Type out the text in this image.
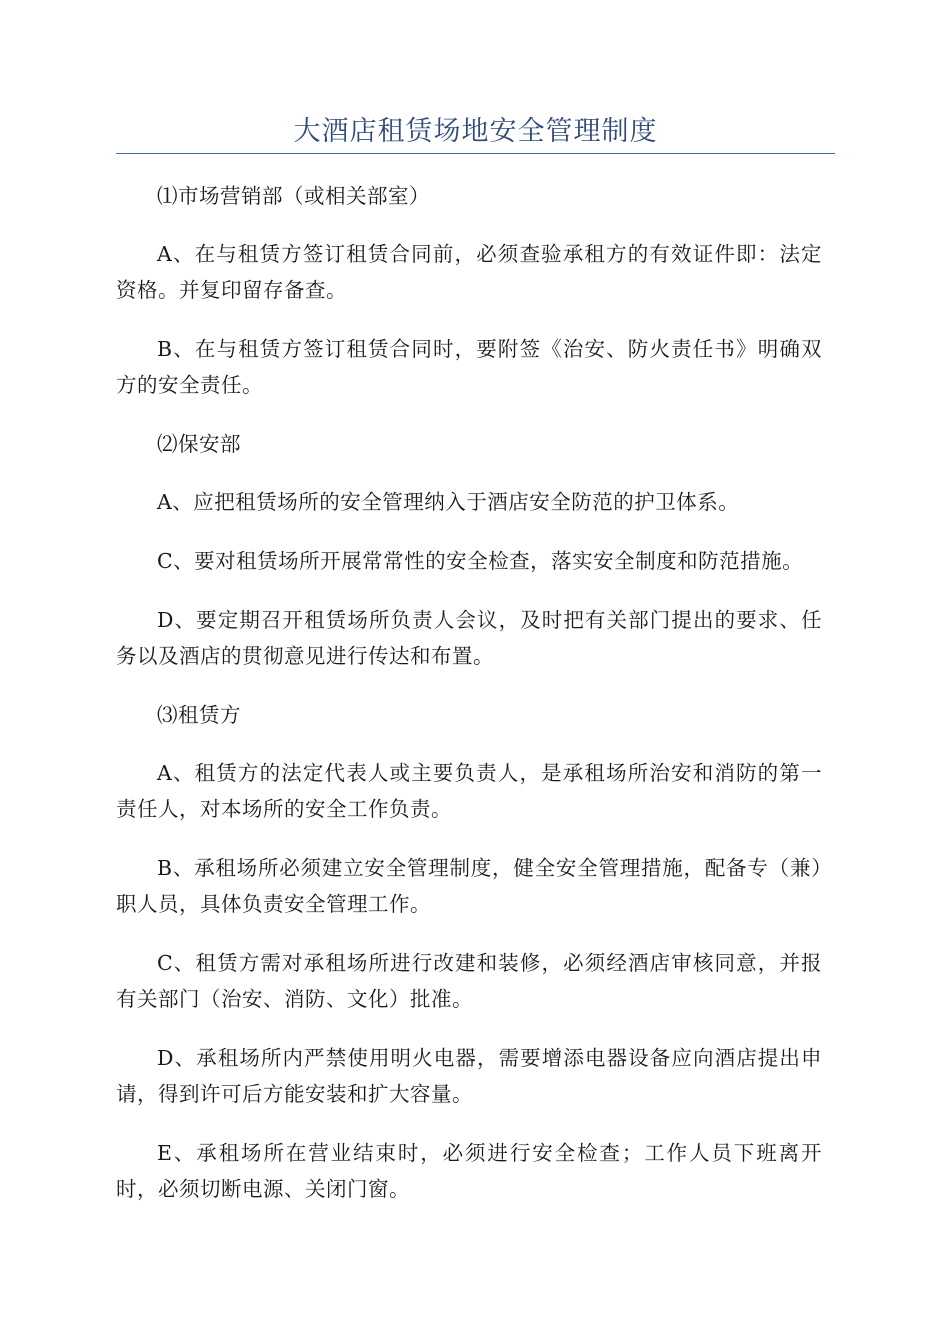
大酒店租赁场地安全管理制度

⑴市场营销部（或相关部室）

A、在与租赁方签订租赁合同前，必须查验承租方的有效证件即：法定资格。并复印留存备查。

B、在与租赁方签订租赁合同时，要附签《治安、防火责任书》明确双方的安全责任。

⑵保安部

A、应把租赁场所的安全管理纳入于酒店安全防范的护卫体系。

C、要对租赁场所开展常常性的安全检查，落实安全制度和防范措施。

D、要定期召开租赁场所负责人会议，及时把有关部门提出的要求、任务以及酒店的贯彻意见进行传达和布置。

⑶租赁方

A、租赁方的法定代表人或主要负责人，是承租场所治安和消防的第一责任人，对本场所的安全工作负责。

B、承租场所必须建立安全管理制度，健全安全管理措施，配备专（兼）职人员，具体负责安全管理工作。

C、租赁方需对承租场所进行改建和装修，必须经酒店审核同意，并报有关部门（治安、消防、文化）批准。

D、承租场所内严禁使用明火电器，需要增添电器设备应向酒店提出申请，得到许可后方能安装和扩大容量。

E、承租场所在营业结束时，必须进行安全检查；工作人员下班离开时，必须切断电源、关闭门窗。
